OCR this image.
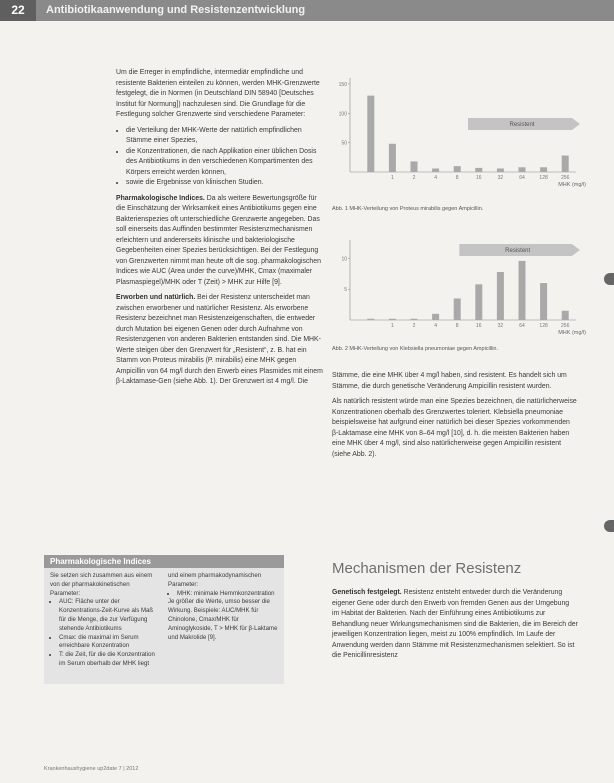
22	Antibiotikaanwendung und Resistenzentwicklung

Um die Erreger in empfindliche, intermediär empfindliche und resistente Bakterien einteilen zu können, werden MHK-Grenzwerte festgelegt, die in Normen (in Deutschland DIN 58940 [Deutsches Institut für Normung]) nachzulesen sind. Die Grundlage für die Festlegung solcher Grenzwerte sind verschiedene Parameter:

• die Verteilung der MHK-Werte der natürlich empfindlichen Stämme einer Spezies,
• die Konzentrationen, die nach Applikation einer üblichen Dosis des Antibiotikums in den verschiedenen Kompartimenten des Körpers erreicht werden können,
• sowie die Ergebnisse von klinischen Studien.

Pharmakologische Indices. Da als weitere Bewertungsgröße für die Einschätzung der Wirksamkeit eines Antibiotikums gegen eine Bakterienspezies oft unterschiedliche Grenzwerte angegeben. Das soll einerseits das Auffinden bestimmter Resistenzmechanismen erleichtern und andererseits klinische und bakteriologische Gegebenheiten einer Spezies berücksichtigen. Bei der Festlegung von Grenzwerten nimmt man heute oft die sog. pharmakologischen Indices wie AUC (Area under the curve)/MHK, Cmax (maximaler Plasmaspiegel)/MHK oder T (Zeit) > MHK zur Hilfe [9].

Erworben und natürlich. Bei der Resistenz unterscheidet man zwischen erworbener und natürlicher Resistenz. Als erworbene Resistenz bezeichnet man Resistenzeigenschaften, die entweder durch Mutation bei eigenen Genen oder durch Aufnahme von Resistenzgenen von anderen Bakterien entstanden sind. Die MHK-Werte steigen über den Grenzwert für „Resistent“, z. B. hat ein Stamm von Proteus mirabilis (P. mirabilis) eine MHK gegen Ampicillin von 64 mg/l durch den Erwerb eines Plasmides mit einem β-Laktamase-Gen (siehe Abb. 1). Der Grenzwert ist 4 mg/l. Die

150
100
50
1	2	4	8	16	32	64	128	256
MHK (mg/l)
Resistent
Abb. 1 MHK-Verteilung von Proteus mirabilis gegen Ampicillin.
10
5
1	2	4	8	16	32	64	128	256
MHK (mg/l)
Resistent
Abb. 2 MHK-Verteilung von Klebsiella pneumoniae gegen Ampicillin.

Stämme, die eine MHK über 4 mg/l haben, sind resistent. Es handelt sich um Stämme, die durch genetische Veränderung Ampicillin resistent wurden.

Als natürlich resistent würde man eine Spezies bezeichnen, die natürlicherweise Konzentrationen oberhalb des Grenzwertes toleriert. Klebsiella pneumoniae beispielsweise hat aufgrund einer natürlich bei dieser Spezies vorkommenden β-Laktamase eine MHK von 8–64 mg/l [10], d. h. die meisten Bakterien haben eine MHK über 4 mg/l, sind also natürlicherweise gegen Ampicillin resistent (siehe Abb. 2).

Mechanismen der Resistenz

Genetisch festgelegt. Resistenz entsteht entweder durch die Veränderung eigener Gene oder durch den Erwerb von fremden Genen aus der Umgebung im Habitat der Bakterien. Nach der Einführung eines Antibiotikums zur Behandlung neuer Wirkungsmechanismen sind die Bakterien, die im Bereich der jeweiligen Konzentration liegen, meist zu 100% empfindlich. Im Laufe der Anwendung werden dann Stämme mit Resistenzmechanismen selektiert. So ist die Penicillinresistenz

Pharmakologische Indices

Sie setzen sich zusammen aus einem von der pharmakokinetischen Parameter:

• AUC: Fläche unter der Konzentrations-Zeit-Kurve als Maß für die Menge, die zur Verfügung stehende Antibiotikums
• Cmax: die maximal im Serum erreichbare Konzentration
• T: die Zeit, für die die Konzentration im Serum oberhalb der MHK liegt

und einem pharmakodynamischen Parameter:

• MHK: minimale Hemmkonzentration

Je größer die Werte, umso besser die Wirkung. Beispiele: AUC/MHK für Chinolone, Cmax/MHK für Aminoglykoside, T > MHK für β-Laktame und Makrolide [9].

Krankenhaushygiene up2date 7 | 2012
